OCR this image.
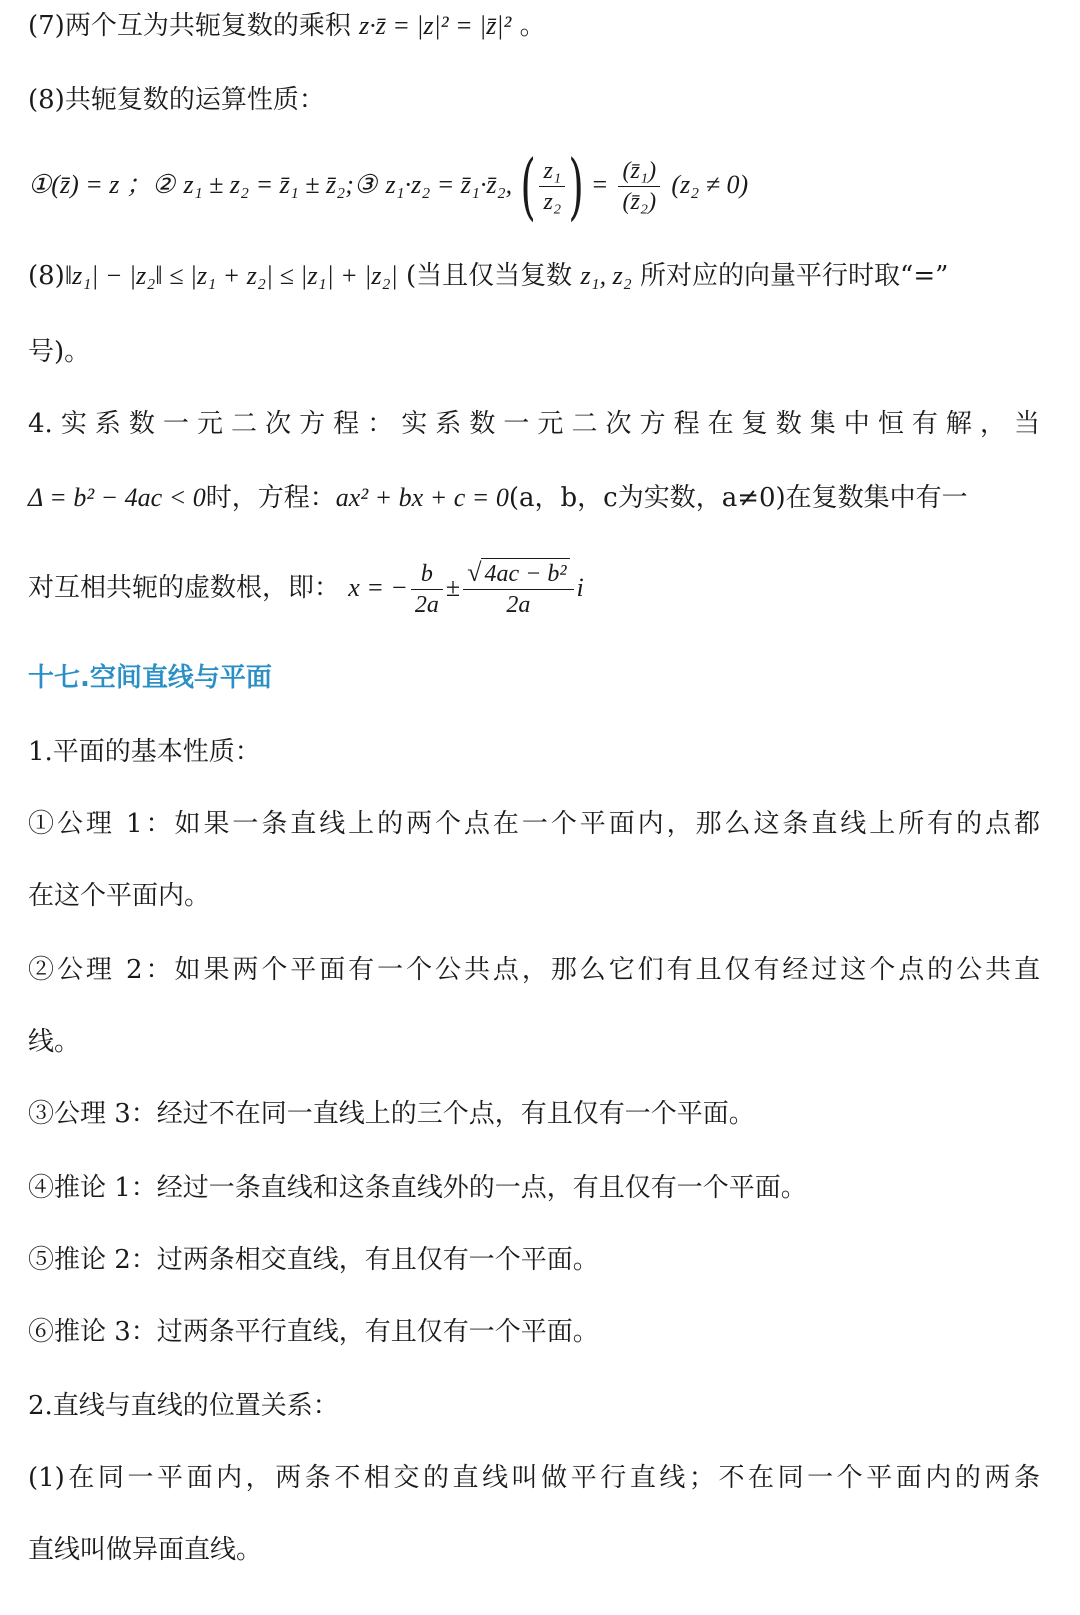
(7)两个互为共轭复数的乘积 z·z̄ = |z|² = |z̄|² 。
(8)共轭复数的运算性质：
①(z̄̄) = z ；② z₁ ± z₂ = z̄₁ ± z̄₂;③ z₁·z₂ = z̄₁·z̄₂, ( $\frac{\text{z₁}}{\text{z₂}}$ ) = $\frac{\text{(z̄₁)}}{\text{(z̄₂)}} (z_2 \ne 0)$
(8)‖z₁| − |z₂‖ ≤ |z₁ + z₂| ≤ |z₁| + |z₂| (当且仅当复数 z₁, z₂ 所对应的向量平行时取“=”
号)。
4.实系数一元二次方程：实系数一元二次方程在复数集中恒有解，当
Δ = b² − 4ac < 0时，方程：ax² + bx + c = 0(a，b，c为实数，a≠0)在复数集中有一
对互相共轭的虚数根，即： x = − $\frac{b}{2a} \pm \frac{\text{√ 4ac − b²}}{2a}$ i
十七.空间直线与平面
1.平面的基本性质：
①公理 1：如果一条直线上的两个点在一个平面内，那么这条直线上所有的点都
在这个平面内。
②公理 2：如果两个平面有一个公共点，那么它们有且仅有经过这个点的公共直
线。
③公理 3：经过不在同一直线上的三个点，有且仅有一个平面。
④推论 1：经过一条直线和这条直线外的一点，有且仅有一个平面。
⑤推论 2：过两条相交直线，有且仅有一个平面。
⑥推论 3：过两条平行直线，有且仅有一个平面。
2.直线与直线的位置关系：
(1)在同一平面内，两条不相交的直线叫做平行直线；不在同一个平面内的两条
直线叫做异面直线。
